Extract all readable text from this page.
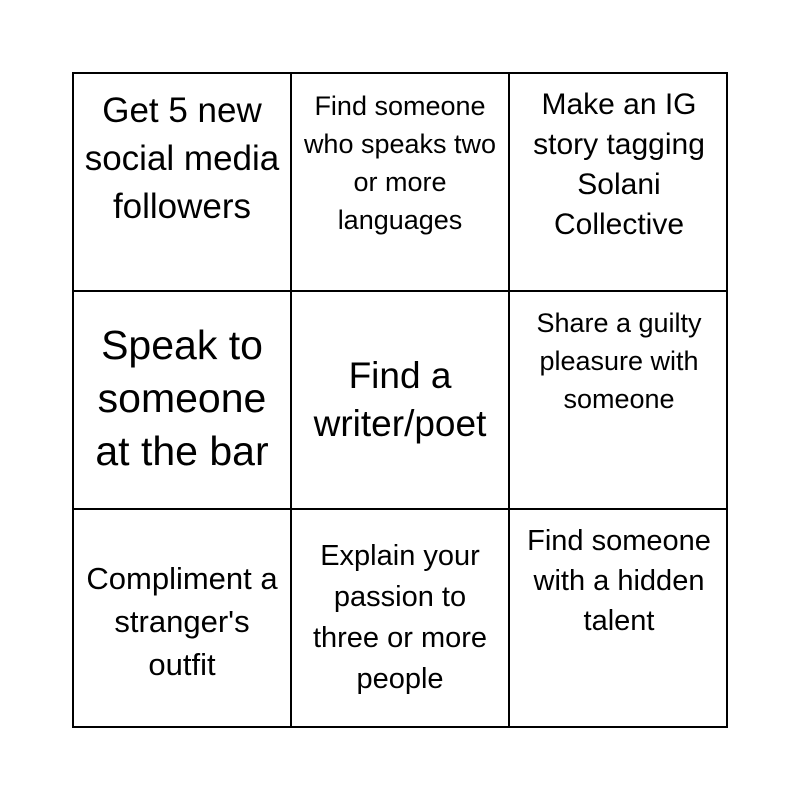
Get 5 new social media followers
Find someone who speaks two or more languages
Make an IG story tagging Solani Collective
Speak to someone at the bar
Find a writer/poet
Share a guilty pleasure with someone
Compliment a stranger's outfit
Explain your passion to three or more people
Find someone with a hidden talent
